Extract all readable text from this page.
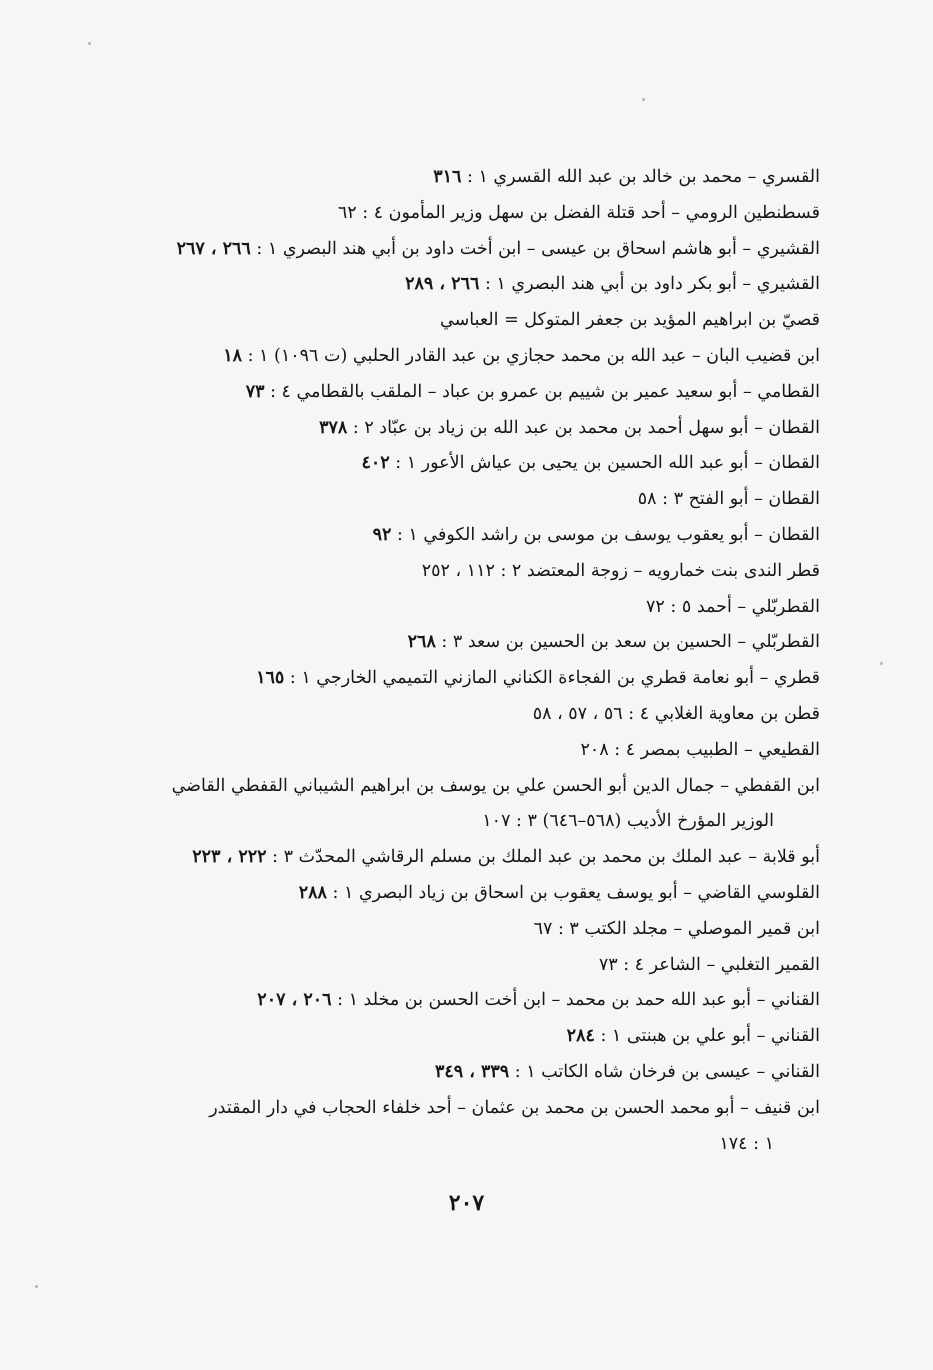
القسري – محمد بن خالد بن عبد الله القسري ١ : ٣١٦
قسطنطين الرومي – أحد قتلة الفضل بن سهل وزير المأمون ٤ : ٦٢
القشيري – أبو هاشم اسحاق بن عيسى – ابن أخت داود بن أبي هند البصري ١ : ٢٦٦ ، ٢٦٧
القشيري – أبو بكر داود بن أبي هند البصري ١ : ٢٦٦ ، ٢٨٩
قصيّ بن ابراهيم المؤيد بن جعفر المتوكل = العباسي
ابن قضيب البان – عبد الله بن محمد حجازي بن عبد القادر الحلبي (ت ١٠٩٦) ١ : ١٨
القطامي – أبو سعيد عمير بن شييم بن عمرو بن عباد – الملقب بالقطامي ٤ : ٧٣
القطان – أبو سهل أحمد بن محمد بن عبد الله بن زياد بن عبّاد ٢ : ٣٧٨
القطان – أبو عبد الله الحسين بن يحيى بن عياش الأعور ١ : ٤٠٢
القطان – أبو الفتح ٣ : ٥٨
القطان – أبو يعقوب يوسف بن موسى بن راشد الكوفي ١ : ٩٢
قطر الندى بنت خمارويه – زوجة المعتضد ٢ : ١١٢ ، ٢٥٢
القطربّلي – أحمد ٥ : ٧٢
القطربّلي – الحسين بن سعد بن الحسين بن سعد ٣ : ٢٦٨
قطري – أبو نعامة قطري بن الفجاءة الكناني المازني التميمي الخارجي ١ : ١٦٥
قطن بن معاوية الغلابي ٤ : ٥٦ ، ٥٧ ، ٥٨
القطيعي – الطبيب بمصر ٤ : ٢٠٨
ابن القفطي – جمال الدين أبو الحسن علي بن يوسف بن ابراهيم الشيباني القفطي القاضي
الوزير المؤرخ الأديب (٥٦٨–٦٤٦) ٣ : ١٠٧
أبو قلابة – عبد الملك بن محمد بن عبد الملك بن مسلم الرقاشي المحدّث ٣ : ٢٢٢ ، ٢٢٣
القلوسي القاضي – أبو يوسف يعقوب بن اسحاق بن زياد البصري ١ : ٢٨٨
ابن قمير الموصلي – مجلد الكتب ٣ : ٦٧
القمير التغلبي – الشاعر ٤ : ٧٣
القناني – أبو عبد الله حمد بن محمد – ابن أخت الحسن بن مخلد ١ : ٢٠٦ ، ٢٠٧
القناني – أبو علي بن هبنتى ١ : ٢٨٤
القناني – عيسى بن فرخان شاه الكاتب ١ : ٣٣٩ ، ٣٤٩
ابن قنيف – أبو محمد الحسن بن محمد بن عثمان – أحد خلفاء الحجاب في دار المقتدر
١ : ١٧٤
٢٠٧
